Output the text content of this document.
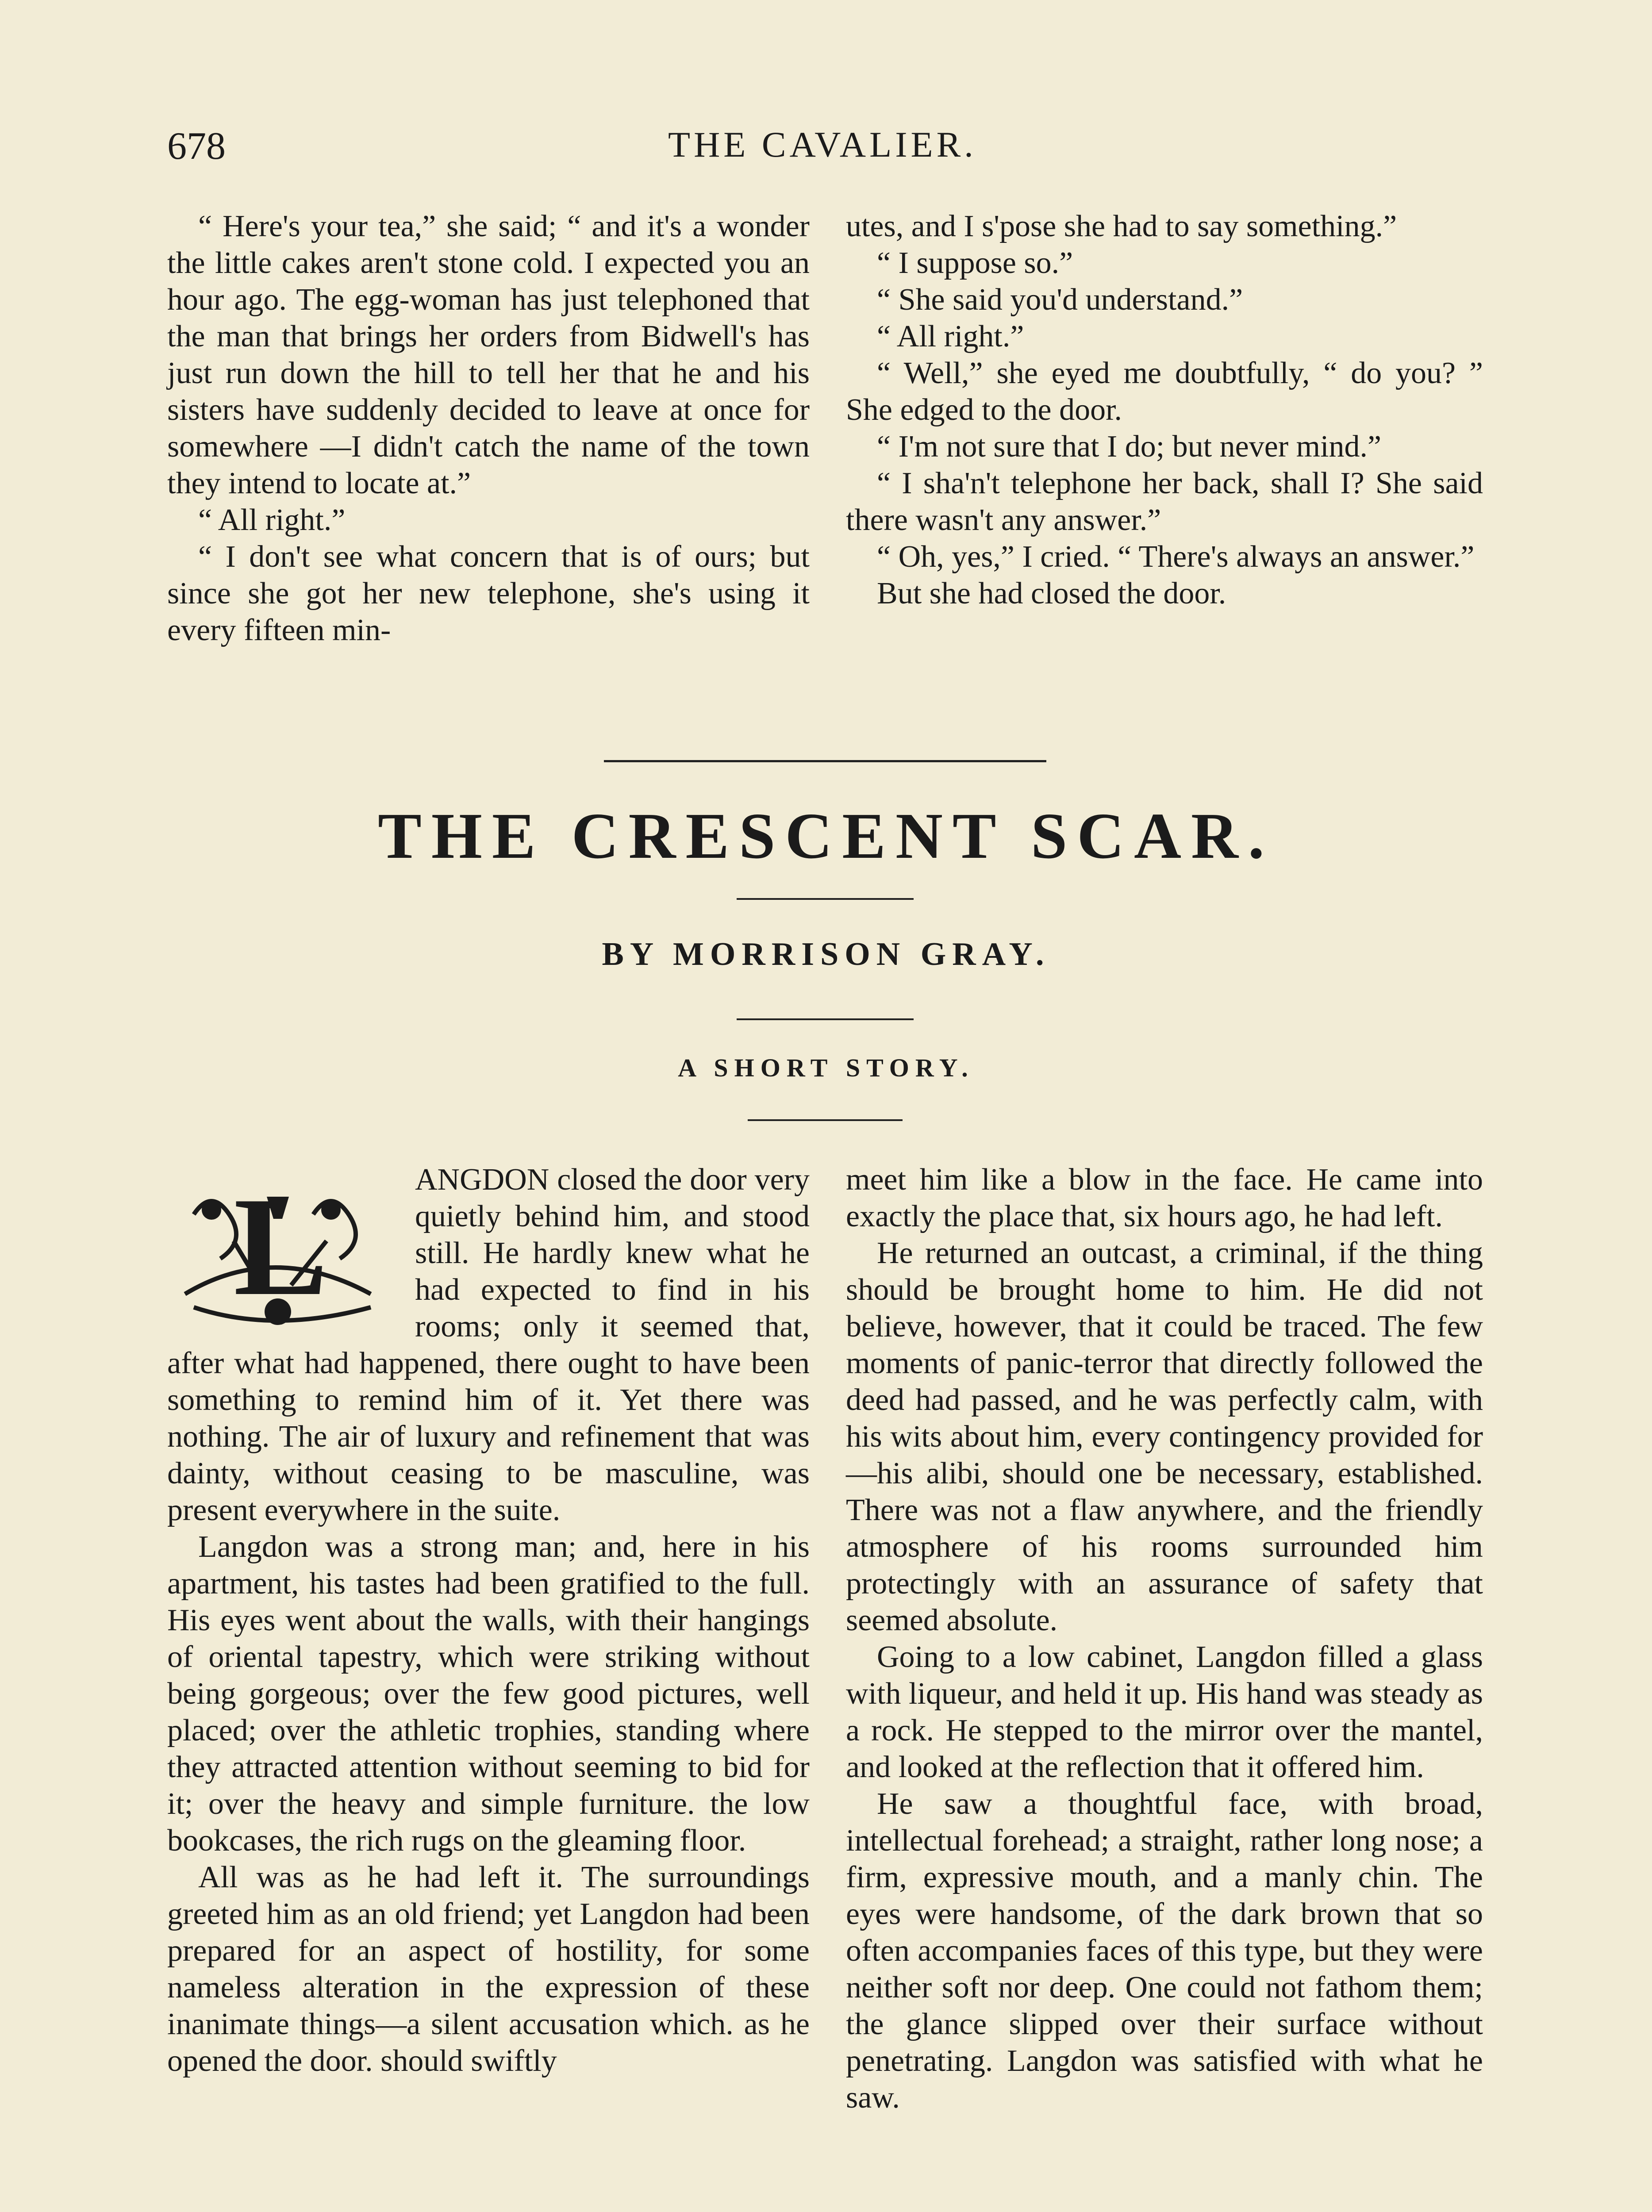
678	THE CAVALIER.

“ Here's your tea,” she said; “ and it's a wonder the little cakes aren't stone cold. I expected you an hour ago. The egg-woman has just telephoned that the man that brings her orders from Bidwell's has just run down the hill to tell her that he and his sisters have suddenly decided to leave at once for somewhere —I didn't catch the name of the town they intend to locate at.”

“ All right.”

“ I don't see what concern that is of ours; but since she got her new telephone, she's using it every fifteen min-

utes, and I s'pose she had to say something.”

“ I suppose so.”

“ She said you'd understand.”

“ All right.”

“ Well,” she eyed me doubtfully, “ do you? ” She edged to the door.

“ I'm not sure that I do; but never mind.”

“ I sha'n't telephone her back, shall I? She said there wasn't any answer.”

“ Oh, yes,” I cried. “ There's always an answer.”

But she had closed the door.

THE CRESCENT SCAR.
BY MORRISON GRAY.
A SHORT STORY.
L	ANGDON closed the door very quietly behind him, and stood still. He hardly knew what he had expected to find in his rooms; only it seemed that, after what had happened, there ought to have been something to remind him of it. Yet there was nothing. The air of luxury and refinement that was dainty, without ceasing to be masculine, was present everywhere in the suite.

Langdon was a strong man; and, here in his apartment, his tastes had been gratified to the full. His eyes went about the walls, with their hangings of oriental tapestry, which were striking without being gorgeous; over the few good pictures, well placed; over the athletic trophies, standing where they attracted attention without seeming to bid for it; over the heavy and simple furniture. the low bookcases, the rich rugs on the gleaming floor.

All was as he had left it. The surroundings greeted him as an old friend; yet Langdon had been prepared for an aspect of hostility, for some nameless alteration in the expression of these inanimate things—a silent accusation which. as he opened the door. should swiftly

meet him like a blow in the face. He came into exactly the place that, six hours ago, he had left.

He returned an outcast, a criminal, if the thing should be brought home to him. He did not believe, however, that it could be traced. The few moments of panic-terror that directly followed the deed had passed, and he was perfectly calm, with his wits about him, every contingency provided for—his alibi, should one be necessary, established. There was not a flaw anywhere, and the friendly atmosphere of his rooms surrounded him protectingly with an assurance of safety that seemed absolute.

Going to a low cabinet, Langdon filled a glass with liqueur, and held it up. His hand was steady as a rock. He stepped to the mirror over the mantel, and looked at the reflection that it offered him.

He saw a thoughtful face, with broad, intellectual forehead; a straight, rather long nose; a firm, expressive mouth, and a manly chin. The eyes were handsome, of the dark brown that so often accompanies faces of this type, but they were neither soft nor deep. One could not fathom them; the glance slipped over their surface without penetrating. Langdon was satisfied with what he saw.
